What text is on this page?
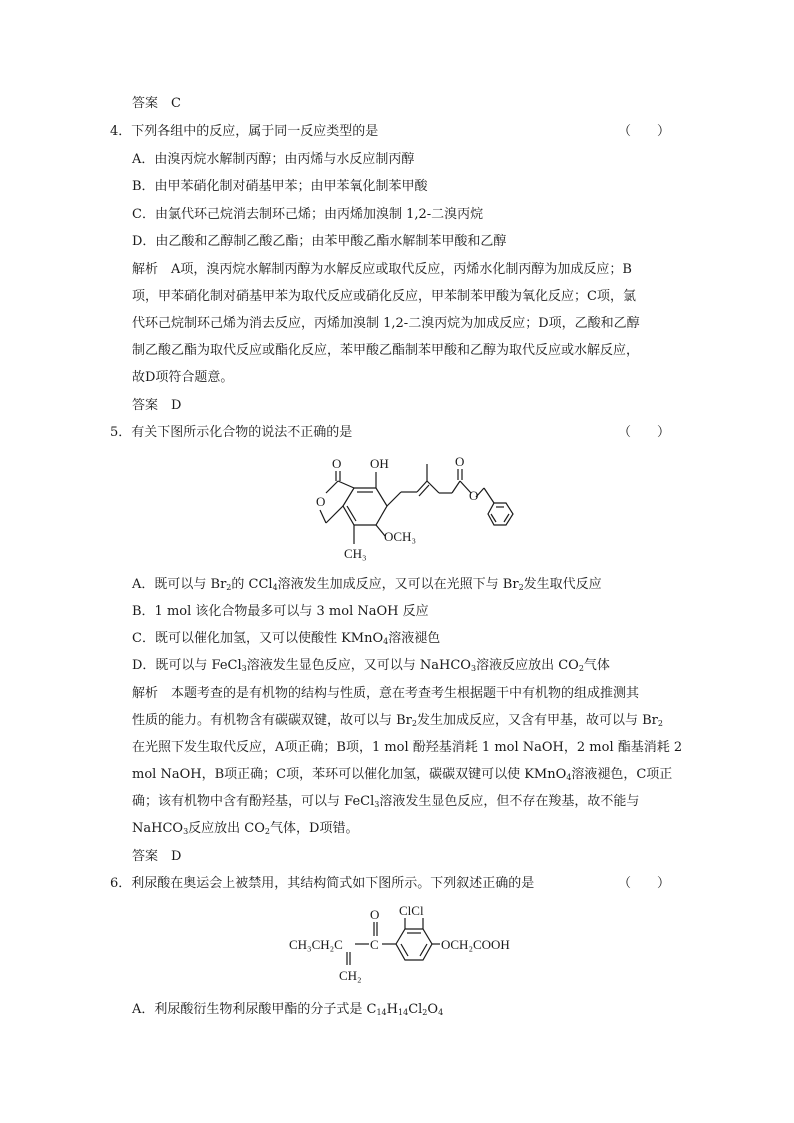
答案　C
4．下列各组中的反应，属于同一反应类型的是	（　　）
A．由溴丙烷水解制丙醇；由丙烯与水反应制丙醇
B．由甲苯硝化制对硝基甲苯；由甲苯氧化制苯甲酸
C．由氯代环己烷消去制环己烯；由丙烯加溴制 1,2-二溴丙烷
D．由乙酸和乙醇制乙酸乙酯；由苯甲酸乙酯水解制苯甲酸和乙醇
解析　A项，溴丙烷水解制丙醇为水解反应或取代反应，丙烯水化制丙醇为加成反应；B
项，甲苯硝化制对硝基甲苯为取代反应或硝化反应，甲苯制苯甲酸为氧化反应；C项，氯
代环己烷制环己烯为消去反应，丙烯加溴制 1,2-二溴丙烷为加成反应；D项，乙酸和乙醇
制乙酸乙酯为取代反应或酯化反应，苯甲酸乙酯制苯甲酸和乙醇为取代反应或水解反应，
故D项符合题意。
答案　D
5．有关下图所示化合物的说法不正确的是	（　　）
O OH
O
O
O
OCH₃
CH₃
A．既可以与 $Br_2$的 CCl$_4$溶液发生加成反应，又可以在光照下与 $Br_2$发生取代反应
B．1 mol 该化合物最多可以与 3 mol NaOH 反应
C．既可以催化加氢，又可以使酸性 KMnO$_4$溶液褪色
D．既可以与 FeCl$_3$溶液发生显色反应，又可以与 NaHCO$_3$溶液反应放出 $CO_2$气体
解析　本题考查的是有机物的结构与性质，意在考查考生根据题干中有机物的组成推测其
性质的能力。有机物含有碳碳双键，故可以与 $Br_2$发生加成反应，又含有甲基，故可以与 $Br_2$
在光照下发生取代反应，A项正确；B项，1 mol 酚羟基消耗 1 mol NaOH，2 mol 酯基消耗 2
mol NaOH，B项正确；C项，苯环可以催化加氢，碳碳双键可以使 KMnO$_4$溶液褪色，C项正
确；该有机物中含有酚羟基，可以与 FeCl$_3$溶液发生显色反应，但不存在羧基，故不能与
NaHCO$_3$反应放出 $CO_2$气体，D项错。
答案　D
6．利尿酸在奥运会上被禁用，其结构简式如下图所示。下列叙述正确的是	（　　）
O ClCl
CH₃CH₂C C	OCH₂COOH
CH₂
A．利尿酸衍生物利尿酸甲酯的分子式是 $C_{14}H_{14}Cl_2O_4$
